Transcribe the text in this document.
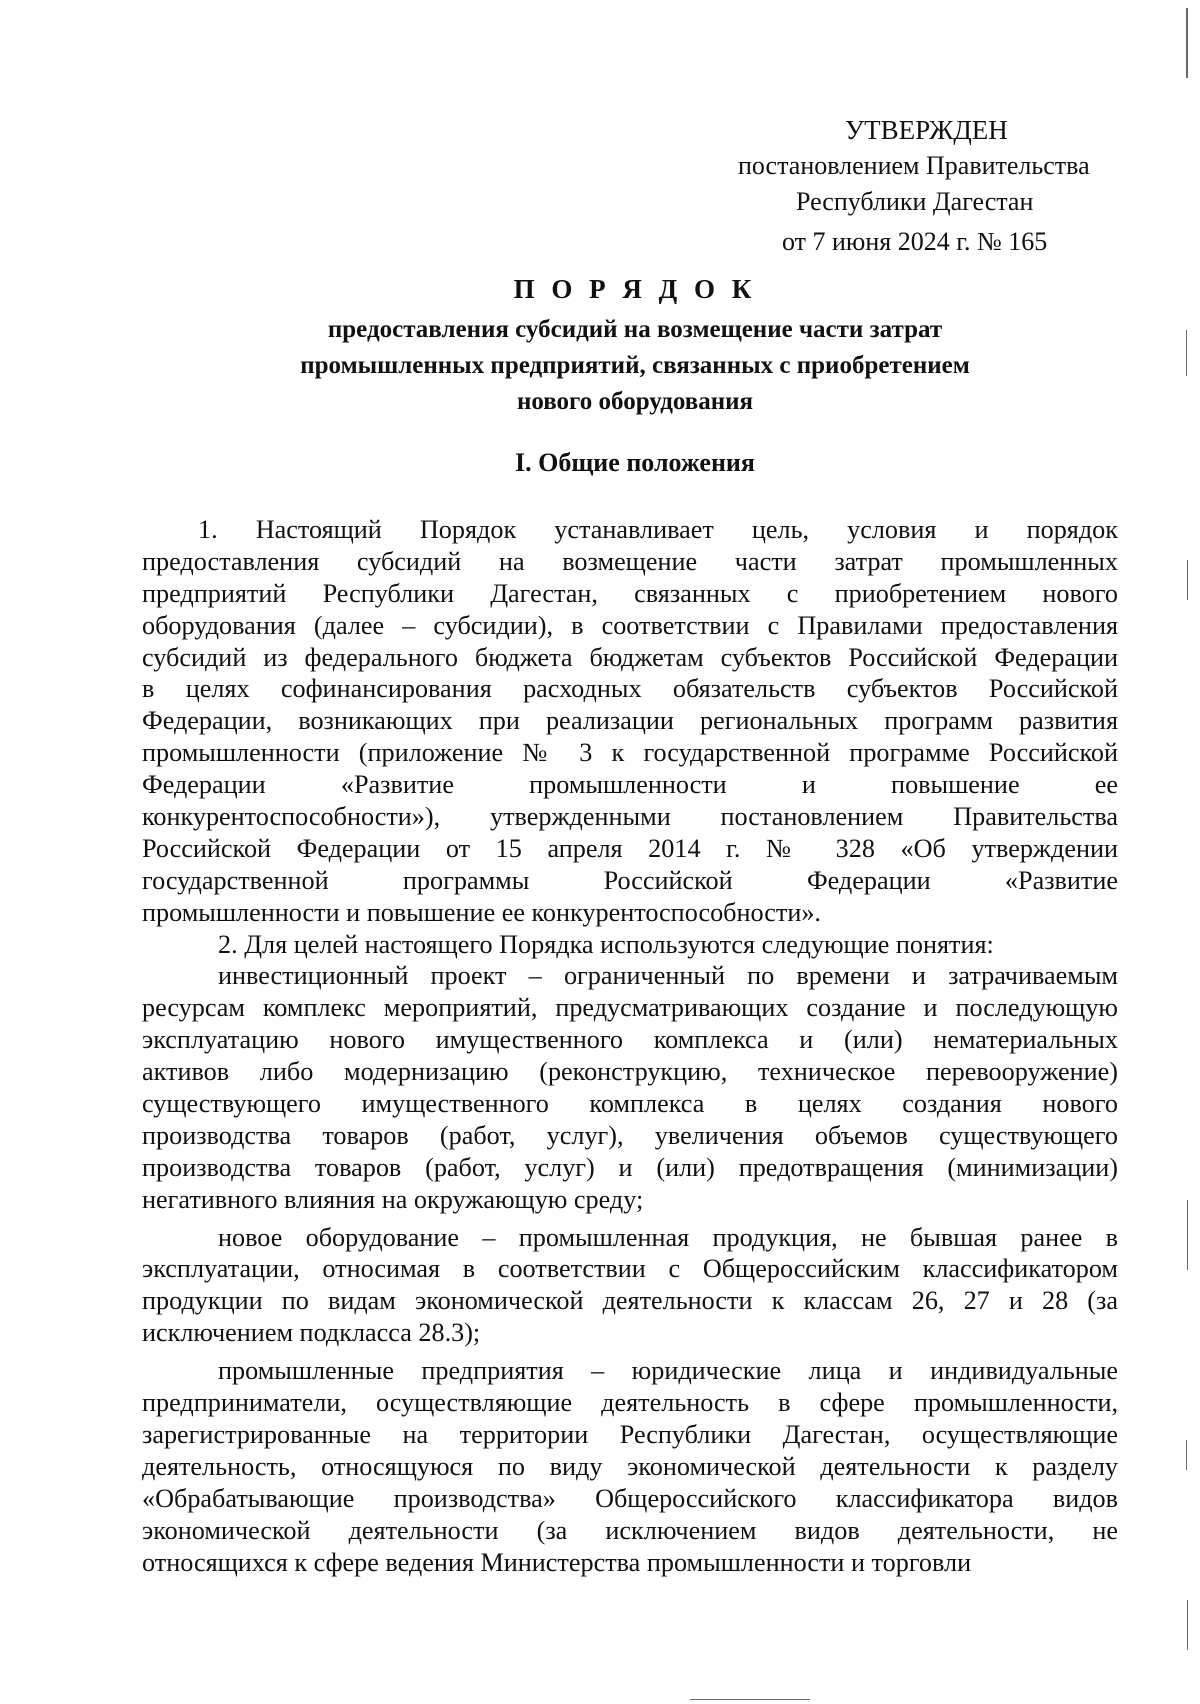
УТВЕРЖДЕН
постановлением Правительства
Республики Дагестан
от 7 июня 2024 г. № 165
П О Р Я Д О К
предоставления субсидий на возмещение части затрат
промышленных предприятий, связанных с приобретением
нового оборудования
I. Общие положения
1. Настоящий Порядок устанавливает цель, условия и порядок
предоставления субсидий на возмещение части затрат промышленных
предприятий Республики Дагестан, связанных с приобретением нового
оборудования (далее – субсидии), в соответствии с Правилами предоставления
субсидий из федерального бюджета бюджетам субъектов Российской Федерации
в целях софинансирования расходных обязательств субъектов Российской
Федерации, возникающих при реализации региональных программ развития
промышленности (приложение № 3 к государственной программе Российской
Федерации «Развитие промышленности и повышение ее
конкурентоспособности»), утвержденными постановлением Правительства
Российской Федерации от 15 апреля 2014 г. № 328 «Об утверждении
государственной программы Российской Федерации «Развитие
промышленности и повышение ее конкурентоспособности».
2. Для целей настоящего Порядка используются следующие понятия:
инвестиционный проект – ограниченный по времени и затрачиваемым
ресурсам комплекс мероприятий, предусматривающих создание и последующую
эксплуатацию нового имущественного комплекса и (или) нематериальных
активов либо модернизацию (реконструкцию, техническое перевооружение)
существующего имущественного комплекса в целях создания нового
производства товаров (работ, услуг), увеличения объемов существующего
производства товаров (работ, услуг) и (или) предотвращения (минимизации)
негативного влияния на окружающую среду;
новое оборудование – промышленная продукция, не бывшая ранее в
эксплуатации, относимая в соответствии с Общероссийским классификатором
продукции по видам экономической деятельности к классам 26, 27 и 28 (за
исключением подкласса 28.3);
промышленные предприятия – юридические лица и индивидуальные
предприниматели, осуществляющие деятельность в сфере промышленности,
зарегистрированные на территории Республики Дагестан, осуществляющие
деятельность, относящуюся по виду экономической деятельности к разделу
«Обрабатывающие производства» Общероссийского классификатора видов
экономической деятельности (за исключением видов деятельности, не
относящихся к сфере ведения Министерства промышленности и торговли
